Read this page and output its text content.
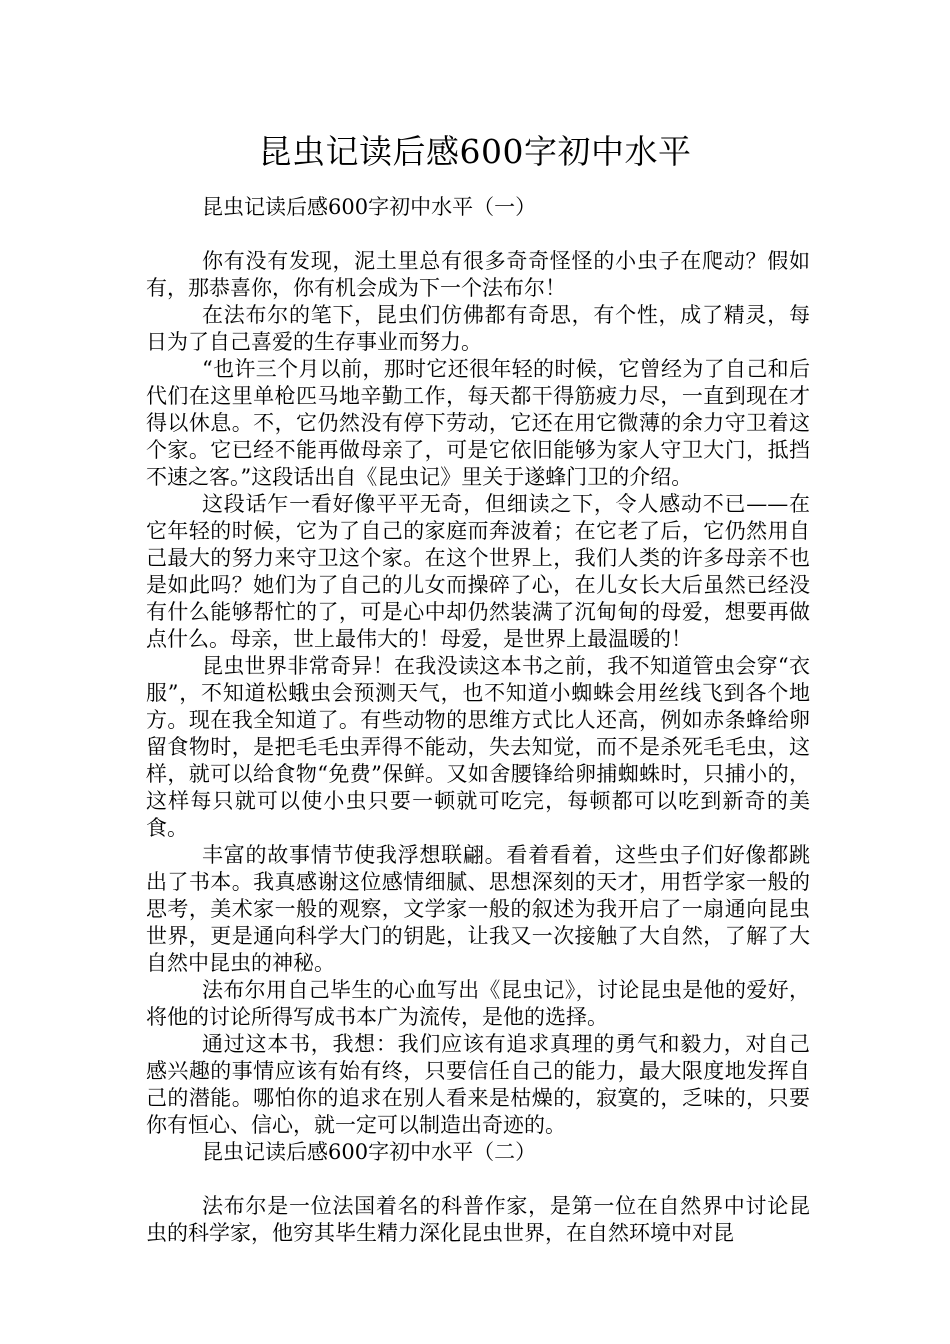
昆虫记读后感600字初中水平

昆虫记读后感600字初中水平（一）

你有没有发现，泥土里总有很多奇奇怪怪的小虫子在爬动？假如有，那恭喜你，你有机会成为下一个法布尔！

在法布尔的笔下，昆虫们仿佛都有奇思，有个性，成了精灵，每日为了自己喜爱的生存事业而努力。

“也许三个月以前，那时它还很年轻的时候，它曾经为了自己和后代们在这里单枪匹马地辛勤工作，每天都干得筋疲力尽，一直到现在才得以休息。不，它仍然没有停下劳动，它还在用它微薄的余力守卫着这个家。它已经不能再做母亲了，可是它依旧能够为家人守卫大门，抵挡不速之客。”这段话出自《昆虫记》里关于遂蜂门卫的介绍。

这段话乍一看好像平平无奇，但细读之下，令人感动不已——在它年轻的时候，它为了自己的家庭而奔波着；在它老了后，它仍然用自己最大的努力来守卫这个家。在这个世界上，我们人类的许多母亲不也是如此吗？她们为了自己的儿女而操碎了心，在儿女长大后虽然已经没有什么能够帮忙的了，可是心中却仍然装满了沉甸甸的母爱，想要再做点什么。母亲，世上最伟大的！母爱，是世界上最温暖的！

昆虫世界非常奇异！在我没读这本书之前，我不知道管虫会穿“衣服”，不知道松蛾虫会预测天气，也不知道小蜘蛛会用丝线飞到各个地方。现在我全知道了。有些动物的思维方式比人还高，例如赤条蜂给卵留食物时，是把毛毛虫弄得不能动，失去知觉，而不是杀死毛毛虫，这样，就可以给食物“免费”保鲜。又如舍腰锋给卵捕蜘蛛时，只捕小的，这样每只就可以使小虫只要一顿就可吃完，每顿都可以吃到新奇的美食。

丰富的故事情节使我浮想联翩。看着看着，这些虫子们好像都跳出了书本。我真感谢这位感情细腻、思想深刻的天才，用哲学家一般的思考，美术家一般的观察，文学家一般的叙述为我开启了一扇通向昆虫世界，更是通向科学大门的钥匙，让我又一次接触了大自然，了解了大自然中昆虫的神秘。

法布尔用自己毕生的心血写出《昆虫记》，讨论昆虫是他的爱好，将他的讨论所得写成书本广为流传，是他的选择。

通过这本书，我想：我们应该有追求真理的勇气和毅力，对自己感兴趣的事情应该有始有终，只要信任自己的能力，最大限度地发挥自己的潜能。哪怕你的追求在别人看来是枯燥的，寂寞的，乏味的，只要你有恒心、信心，就一定可以制造出奇迹的。

昆虫记读后感600字初中水平（二）

法布尔是一位法国着名的科普作家，是第一位在自然界中讨论昆虫的科学家，他穷其毕生精力深化昆虫世界，在自然环境中对昆
